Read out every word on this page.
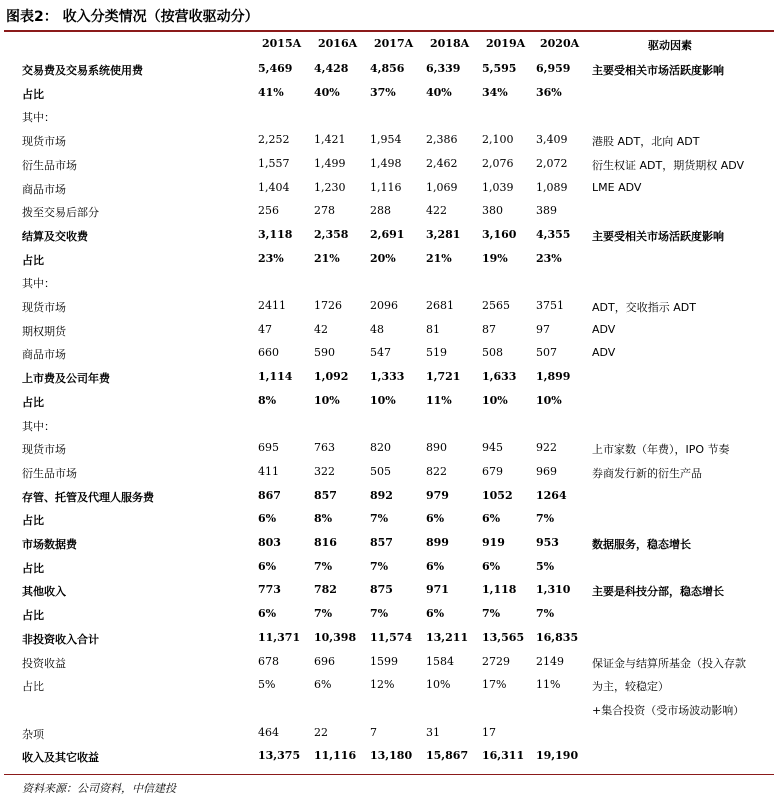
图表2： 收入分类情况（按营收驱动分）
2015A 2016A 2017A 2018A 2019A 2020A	驱动因素
交易费及交易系统使用费	5,469 4,428 4,856 6,339 5,595 6,959 主要受相关市场活跃度影响
占比	41%	40%	37%	40%	34%	36%
其中：
现货市场	2,252 1,421 1,954 2,386 2,100 3,409 港股 ADT，北向 ADT
衍生品市场	1,557 1,499 1,498 2,462 2,076 2,072 衍生权证 ADT，期货期权 ADV
商品市场	1,404 1,230 1,116 1,069 1,039 1,089 LME ADV
拨至交易后部分	256	278	288	422	380	389
结算及交收费	3,118 2,358 2,691 3,281 3,160 4,355 主要受相关市场活跃度影响
占比	23%	21%	20%	21%	19%	23%
其中：
现货市场	2411	1726	2096	2681	2565 3751	ADT，交收指示 ADT
期权期货	47	42	48	81	87	97	ADV
商品市场	660	590	547	519	508	507	ADV
上市费及公司年费	1,114 1,092 1,333 1,721 1,633 1,899
占比	8%	10%	10%	11%	10%	10%
其中：
现货市场	695	763	820	890	945	922	上市家数（年费），IPO 节奏
衍生品市场	411	322	505	822	679	969	券商发行新的衍生产品
存管、托管及代理人服务费	867	857	892	979	1052 1264
占比	6%	8%	7%	6%	6%	7%
市场数据费	803	816	857	899	919	953	数据服务，稳态增长
占比	6%	7%	7%	6%	6%	5%
其他收入	773	782	875	971	1,118 1,310 主要是科技分部，稳态增长
占比	6%	7%	7%	6%	7%	7%
非投资收入合计	11,371 10,398 11,574 13,211 13,565 16,835
投资收益	678	696	1599	1584	2729 2149	保证金与结算所基金（投入存款
占比	5%	6%	12%	10%	17%	11%	为主，较稳定）
+集合投资（受市场波动影响）
杂项	464	22	7	31	17
收入及其它收益	13,375 11,116 13,180 15,867 16,311 19,190
资料来源：公司资料，中信建投
